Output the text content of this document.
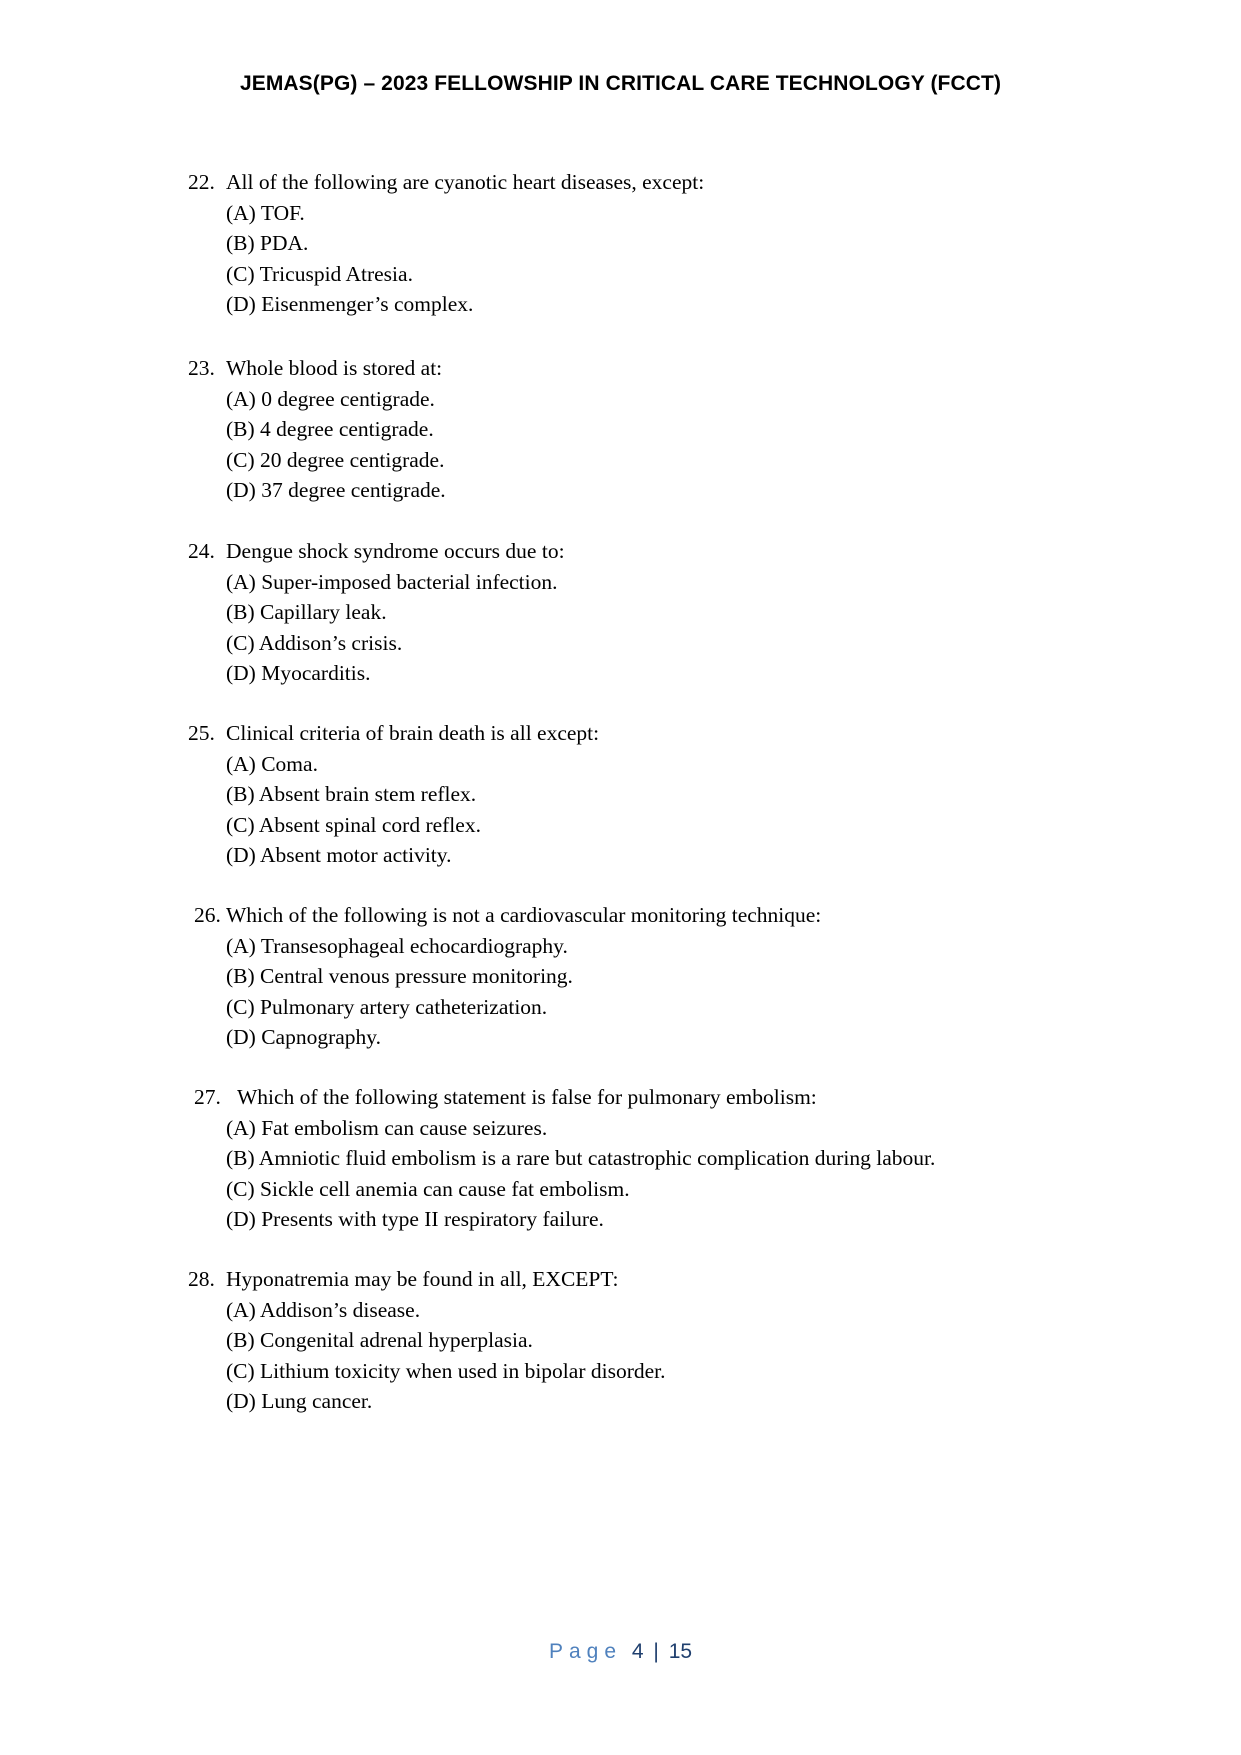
JEMAS(PG) – 2023 FELLOWSHIP IN CRITICAL CARE TECHNOLOGY (FCCT)
22. All of the following are cyanotic heart diseases, except:
(A) TOF.
(B) PDA.
(C) Tricuspid Atresia.
(D) Eisenmenger’s complex.
23. Whole blood is stored at:
(A) 0 degree centigrade.
(B) 4 degree centigrade.
(C) 20 degree centigrade.
(D) 37 degree centigrade.
24. Dengue shock syndrome occurs due to:
(A) Super-imposed bacterial infection.
(B) Capillary leak.
(C) Addison’s crisis.
(D) Myocarditis.
25. Clinical criteria of brain death is all except:
(A) Coma.
(B) Absent brain stem reflex.
(C) Absent spinal cord reflex.
(D) Absent motor activity.
26. Which of the following is not a cardiovascular monitoring technique:
(A) Transesophageal echocardiography.
(B) Central venous pressure monitoring.
(C) Pulmonary artery catheterization.
(D) Capnography.
27. Which of the following statement is false for pulmonary embolism:
(A) Fat embolism can cause seizures.
(B) Amniotic fluid embolism is a rare but catastrophic complication during labour.
(C) Sickle cell anemia can cause fat embolism.
(D) Presents with type II respiratory failure.
28. Hyponatremia may be found in all, EXCEPT:
(A) Addison’s disease.
(B) Congenital adrenal hyperplasia.
(C) Lithium toxicity when used in bipolar disorder.
(D) Lung cancer.
Page 4 | 15
